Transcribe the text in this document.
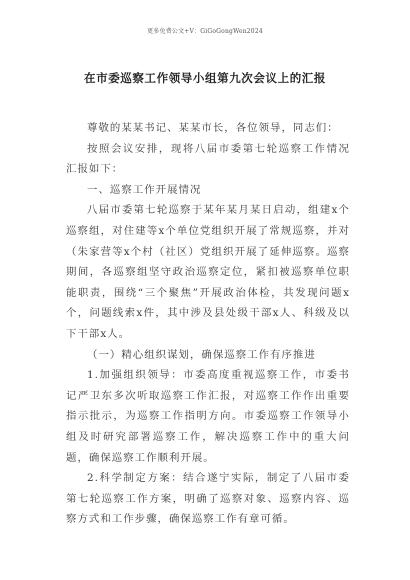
更多免费公文+V：GiGoGongWen2024
在市委巡察工作领导小组第九次会议上的汇报

尊敬的某某书记、某某市长，各位领导，同志们：

按照会议安排，现将八届市委第七轮巡察工作情况汇报如下：

一、巡察工作开展情况

八届市委第七轮巡察于某年某月某日启动，组建x个巡察组，对住建等x个单位党组织开展了常规巡察，并对（朱家营等x个村（社区）党组织开展了延伸巡察。巡察期间，各巡察组坚守政治巡察定位，紧扣被巡察单位职能职责，围绕“三个聚焦”开展政治体检，共发现问题x个，问题线索x件，其中涉及县处级干部x人、科级及以下干部x人。

（一）精心组织谋划，确保巡察工作有序推进

1.加强组织领导：市委高度重视巡察工作，市委书记严卫东多次听取巡察工作汇报，对巡察工作作出重要指示批示，为巡察工作指明方向。市委巡察工作领导小组及时研究部署巡察工作，解决巡察工作中的重大问题，确保巡察工作顺利开展。

2.科学制定方案：结合遂宁实际，制定了八届市委第七轮巡察工作方案，明确了巡察对象、巡察内容、巡察方式和工作步骤，确保巡察工作有章可循。
